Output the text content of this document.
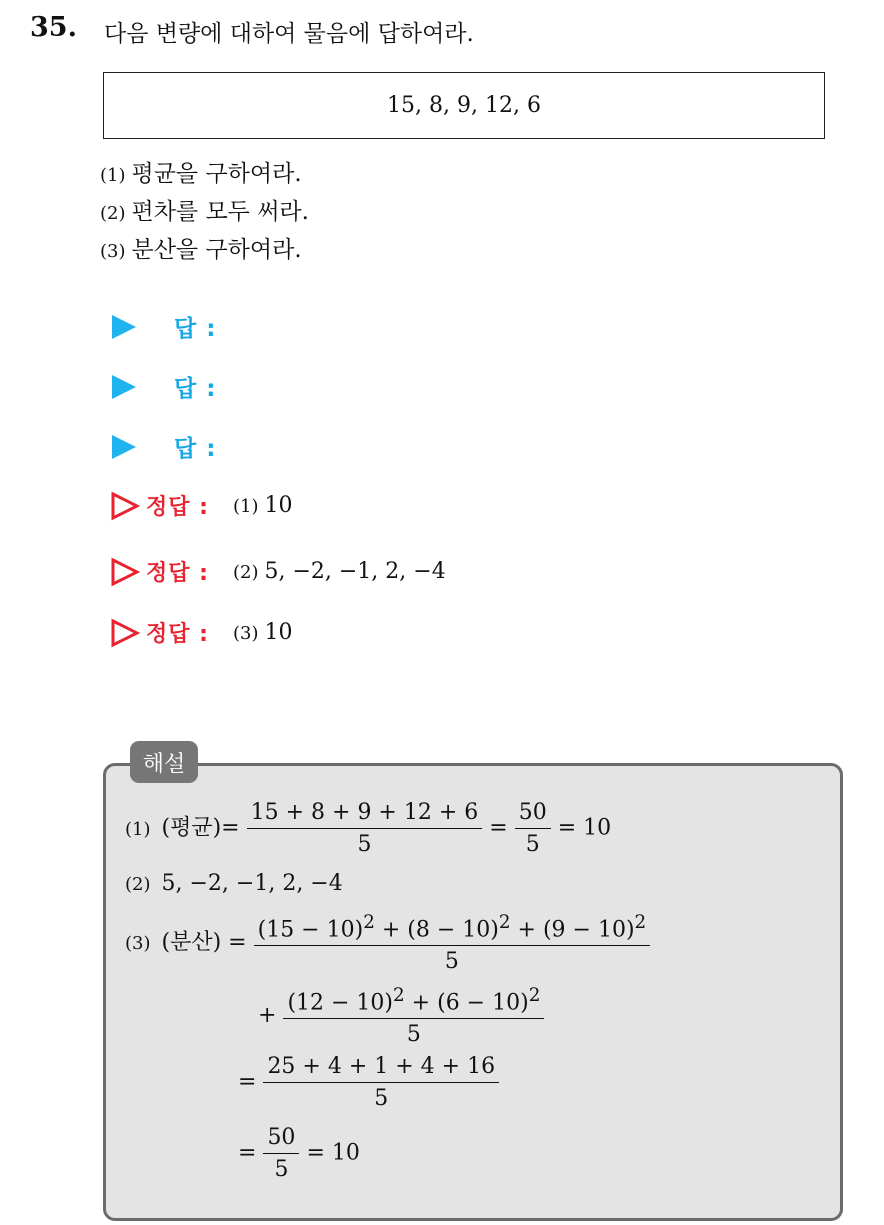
35. 다음 변량에 대하여 물음에 답하여라.
15, 8, 9, 12, 6
(1) 평균을 구하여라.
(2) 편차를 모두 써라.
(3) 분산을 구하여라.
답 :
답 :
답 :
정답 : (1) 10
정답 : (2) 5, −2, −1, 2, −4
정답 : (3) 10
해설
(1) (평균)= $\frac{15 + 8 + 9 + 12 + 6}{5} = \frac{50}{5} = 10$
(2) 5, −2, −1, 2, −4
(3) (분산) = $\frac{(15 - 10)^2 + (8 - 10)^2 + (9 - 10)^2}{5}$
+ $\frac{(12 - 10)^2 + (6 - 10)^2}{5}$
= $\frac{25 + 4 + 1 + 4 + 16}{5}$
= $\frac{50}{5} = 10$
